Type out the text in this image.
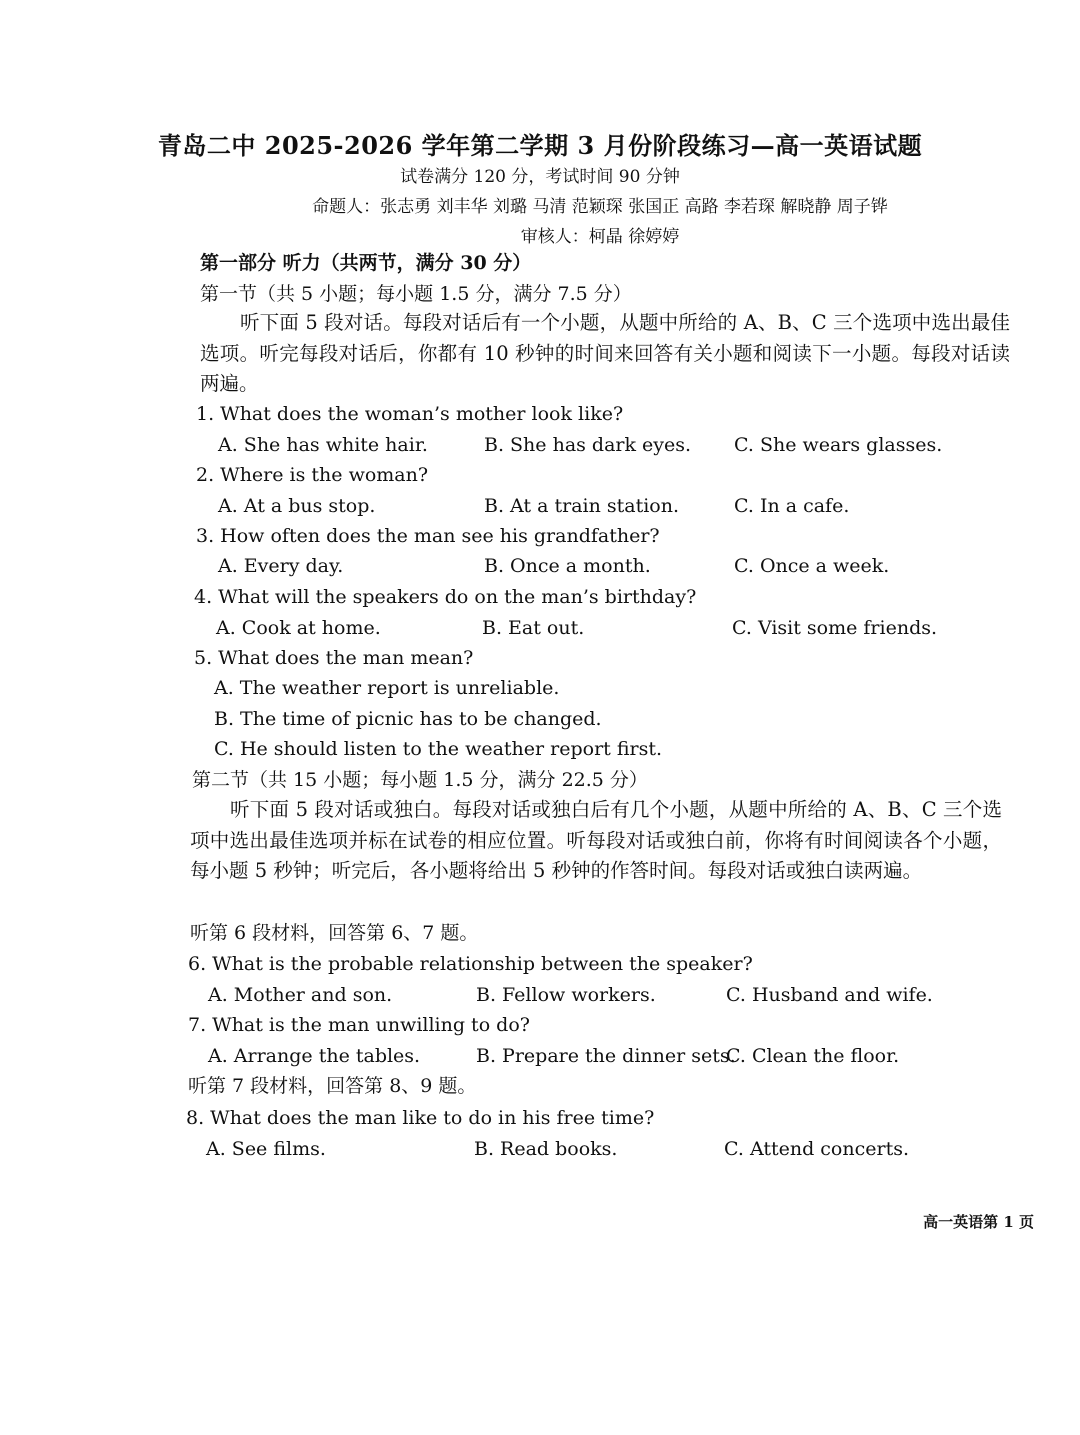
青岛二中 2025-2026 学年第二学期 3 月份阶段练习—高一英语试题
试卷满分 120 分，考试时间 90 分钟
命题人：张志勇 刘丰华 刘璐 马清 范颖琛 张国正 高路 李若琛 解晓静 周子铧
审核人：柯晶 徐婷婷
第一部分 听力（共两节，满分 30 分）
第一节（共 5 小题；每小题 1.5 分，满分 7.5 分）
听下面 5 段对话。每段对话后有一个小题，从题中所给的 A、B、C 三个选项中选出最佳选项。听完每段对话后，你都有 10 秒钟的时间来回答有关小题和阅读下一小题。每段对话读两遍。
1. What does the woman’s mother look like?
A. She has white hair.	B. She has dark eyes. C. She wears glasses.
2. Where is the woman?
A. At a bus stop.	B. At a train station.	C. In a cafe.
3. How often does the man see his grandfather?
A. Every day.	B. Once a month.	C. Once a week.
4. What will the speakers do on the man’s birthday?
A. Cook at home.	B. Eat out.	C. Visit some friends.
5. What does the man mean?
A. The weather report is unreliable.
B. The time of picnic has to be changed.
C. He should listen to the weather report first.
第二节（共 15 小题；每小题 1.5 分，满分 22.5 分）
听下面 5 段对话或独白。每段对话或独白后有几个小题，从题中所给的 A、B、C 三个选项中选出最佳选项并标在试卷的相应位置。听每段对话或独白前，你将有时间阅读各个小题，每小题 5 秒钟；听完后，各小题将给出 5 秒钟的作答时间。每段对话或独白读两遍。
听第 6 段材料，回答第 6、7 题。
6. What is the probable relationship between the speaker?
A. Mother and son.	B. Fellow workers.	C. Husband and wife.
7. What is the man unwilling to do?
A. Arrange the tables.	B. Prepare the dinner sets.
C. Clean the floor.
听第 7 段材料，回答第 8、9 题。
8. What does the man like to do in his free time?
A. See films.	B. Read books.	C. Attend concerts.
高一英语第 1 页
